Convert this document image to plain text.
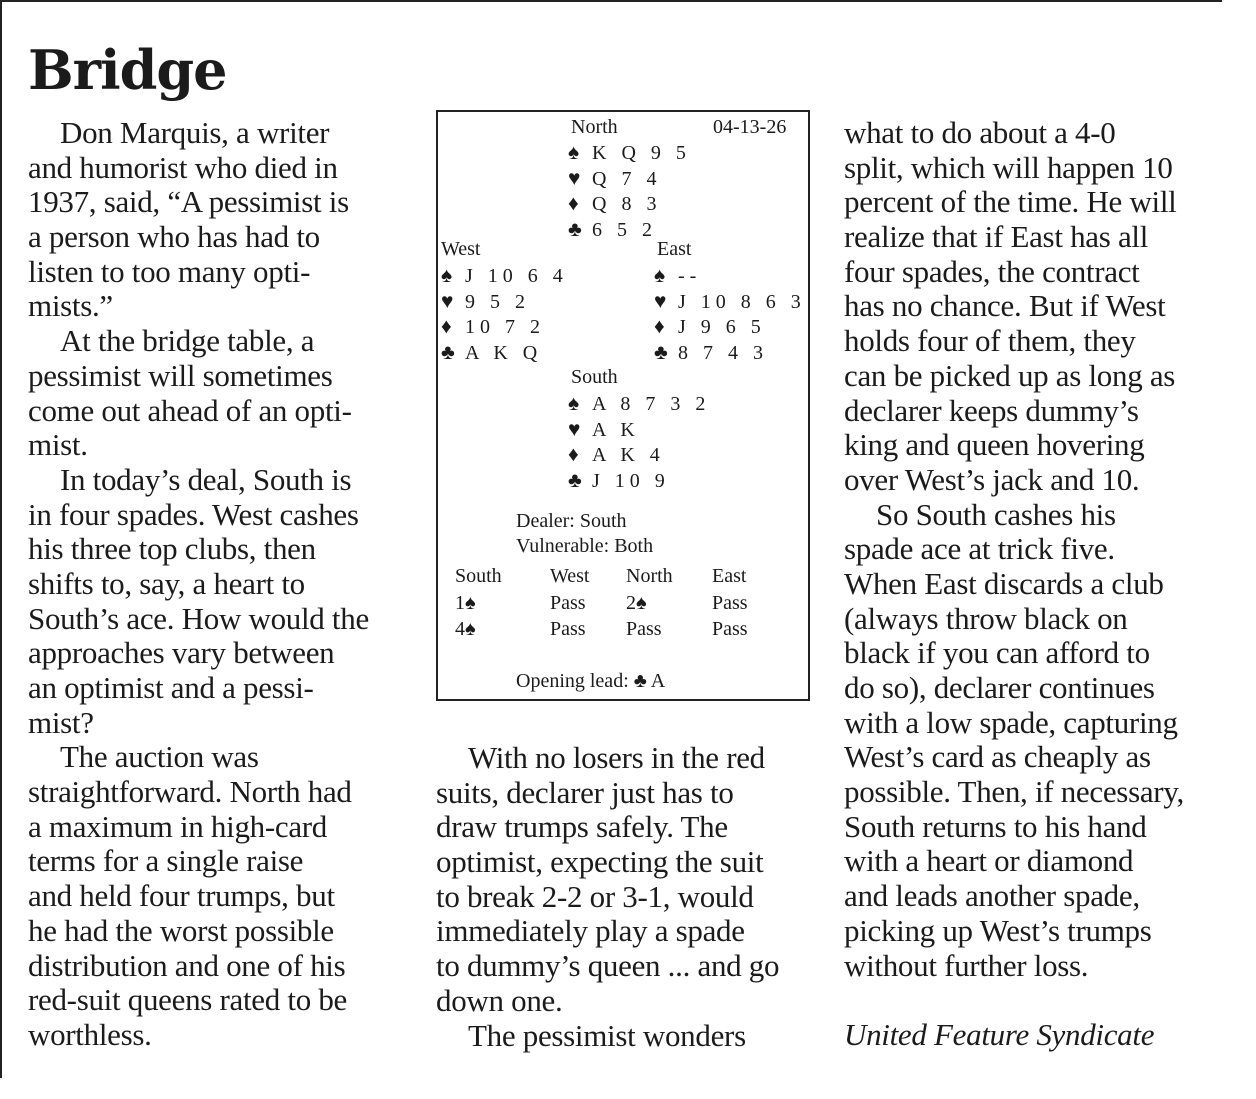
Bridge
Don Marquis, a writer
and humorist who died in
1937, said, “A pessimist is
a person who has had to
listen to too many opti-
mists.”
At the bridge table, a
pessimist will sometimes
come out ahead of an opti-
mist.
In today’s deal, South is
in four spades. West cashes
his three top clubs, then
shifts to, say, a heart to
South’s ace. How would the
approaches vary between
an optimist and a pessi-
mist?
The auction was
straightforward. North had
a maximum in high-card
terms for a single raise
and held four trumps, but
he had the worst possible
distribution and one of his
red-suit queens rated to be
worthless.
With no losers in the red
suits, declarer just has to
draw trumps safely. The
optimist, expecting the suit
to break 2-2 or 3-1, would
immediately play a spade
to dummy’s queen ... and go
down one.
The pessimist wonders
what to do about a 4-0
split, which will happen 10
percent of the time. He will
realize that if East has all
four spades, the contract
has no chance. But if West
holds four of them, they
can be picked up as long as
declarer keeps dummy’s
king and queen hovering
over West’s jack and 10.
So South cashes his
spade ace at trick five.
When East discards a club
(always throw black on
black if you can afford to
do so), declarer continues
with a low spade, capturing
West’s card as cheaply as
possible. Then, if necessary,
South returns to his hand
with a heart or diamond
and leads another spade,
picking up West’s trumps
without further loss.
United Feature Syndicate
North	04-13-26
♠ K Q 9 5
♥ Q 7 4
♦ Q 8 3
♣ 6 5 2
West
♠ J 10 6 4
♥ 9 5 2
♦ 10 7 2
♣ A K Q
East
♠ --
♥ J 10 8 6 3
♦ J 9 6 5
♣ 8 7 4 3
South
♠ A 8 7 3 2
♥ A K
♦ A K 4
♣ J 10 9
Dealer: South
Vulnerable: Both
South West North East
1♠	Pass 2♠	Pass
4♠	Pass Pass	Pass
Opening lead: ♣ A
